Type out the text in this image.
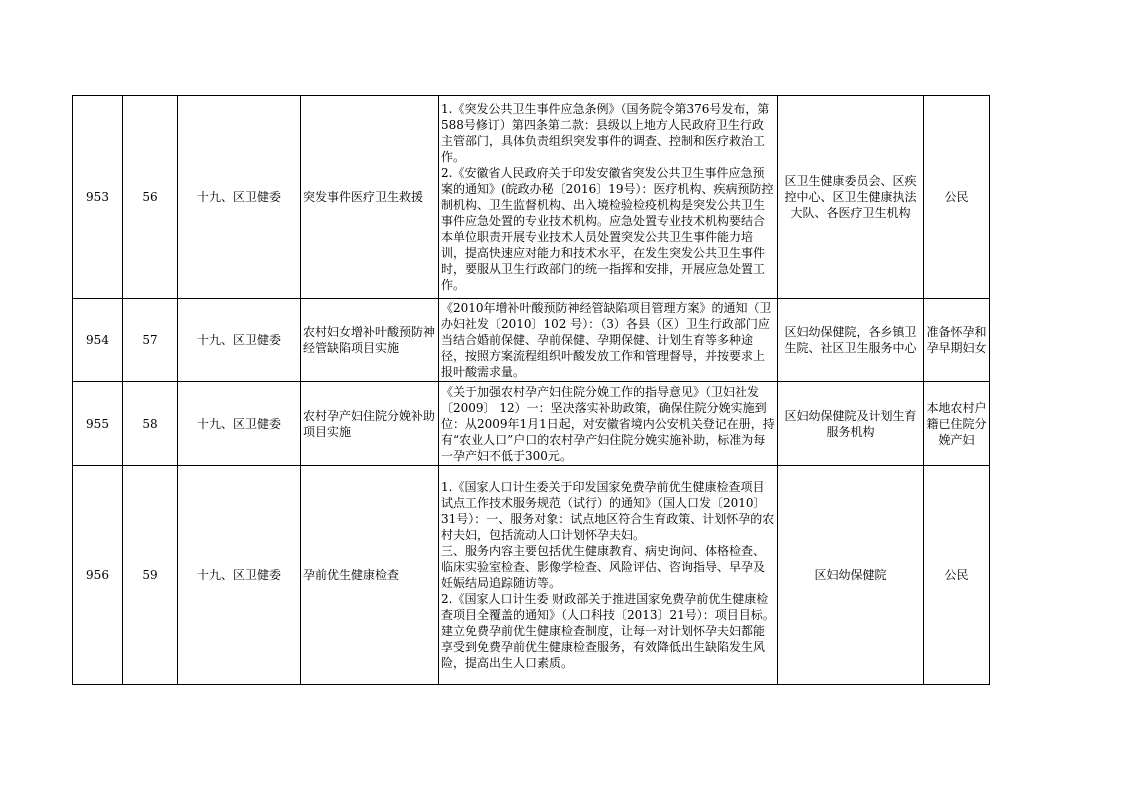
953	56	十九、区卫健委	突发事件医疗卫生救援	1.《突发公共卫生事件应急条例》（国务院令第376号发布，第588号修订）第四条第二款：县级以上地方人民政府卫生行政主管部门，具体负责组织突发事件的调查、控制和医疗救治工作。
2.《安徽省人民政府关于印发安徽省突发公共卫生事件应急预案的通知》(皖政办秘〔2016〕19号）：医疗机构、疾病预防控制机构、卫生监督机构、出入境检验检疫机构是突发公共卫生事件应急处置的专业技术机构。应急处置专业技术机构要结合本单位职责开展专业技术人员处置突发公共卫生事件能力培训，提高快速应对能力和技术水平，在发生突发公共卫生事件时，要服从卫生行政部门的统一指挥和安排，开展应急处置工作。	区卫生健康委员会、区疾控中心、区卫生健康执法大队、各医疗卫生机构	公民
954	57	十九、区卫健委	农村妇女增补叶酸预防神经管缺陷项目实施	《2010年增补叶酸预防神经管缺陷项目管理方案》的通知（卫办妇社发〔2010〕102 号）：（3）各县（区）卫生行政部门应当结合婚前保健、孕前保健、孕期保健、计划生育等多种途径，按照方案流程组织叶酸发放工作和管理督导，并按要求上报叶酸需求量。	区妇幼保健院，各乡镇卫生院、社区卫生服务中心	准备怀孕和孕早期妇女
955	58	十九、区卫健委	农村孕产妇住院分娩补助项目实施	《关于加强农村孕产妇住院分娩工作的指导意见》（卫妇社发〔2009〕 12）一：坚决落实补助政策，确保住院分娩实施到位：从2009年1月1日起，对安徽省境内公安机关登记在册，持有“农业人口”户口的农村孕产妇住院分娩实施补助，标准为每一孕产妇不低于300元。	区妇幼保健院及计划生育服务机构	本地农村户籍已住院分娩产妇
956	59	十九、区卫健委	孕前优生健康检查	1.《国家人口计生委关于印发国家免费孕前优生健康检查项目试点工作技术服务规范（试行）的通知》（国人口发〔2010〕31号）：一、服务对象：试点地区符合生育政策、计划怀孕的农村夫妇，包括流动人口计划怀孕夫妇。
三、服务内容主要包括优生健康教育、病史询问、体格检查、临床实验室检查、影像学检查、风险评估、咨询指导、早孕及妊娠结局追踪随访等。
2.《国家人口计生委 财政部关于推进国家免费孕前优生健康检查项目全覆盖的通知》（人口科技〔2013〕21号）：项目目标。 建立免费孕前优生健康检查制度，让每一对计划怀孕夫妇都能享受到免费孕前优生健康检查服务，有效降低出生缺陷发生风险，提高出生人口素质。	区妇幼保健院	公民
